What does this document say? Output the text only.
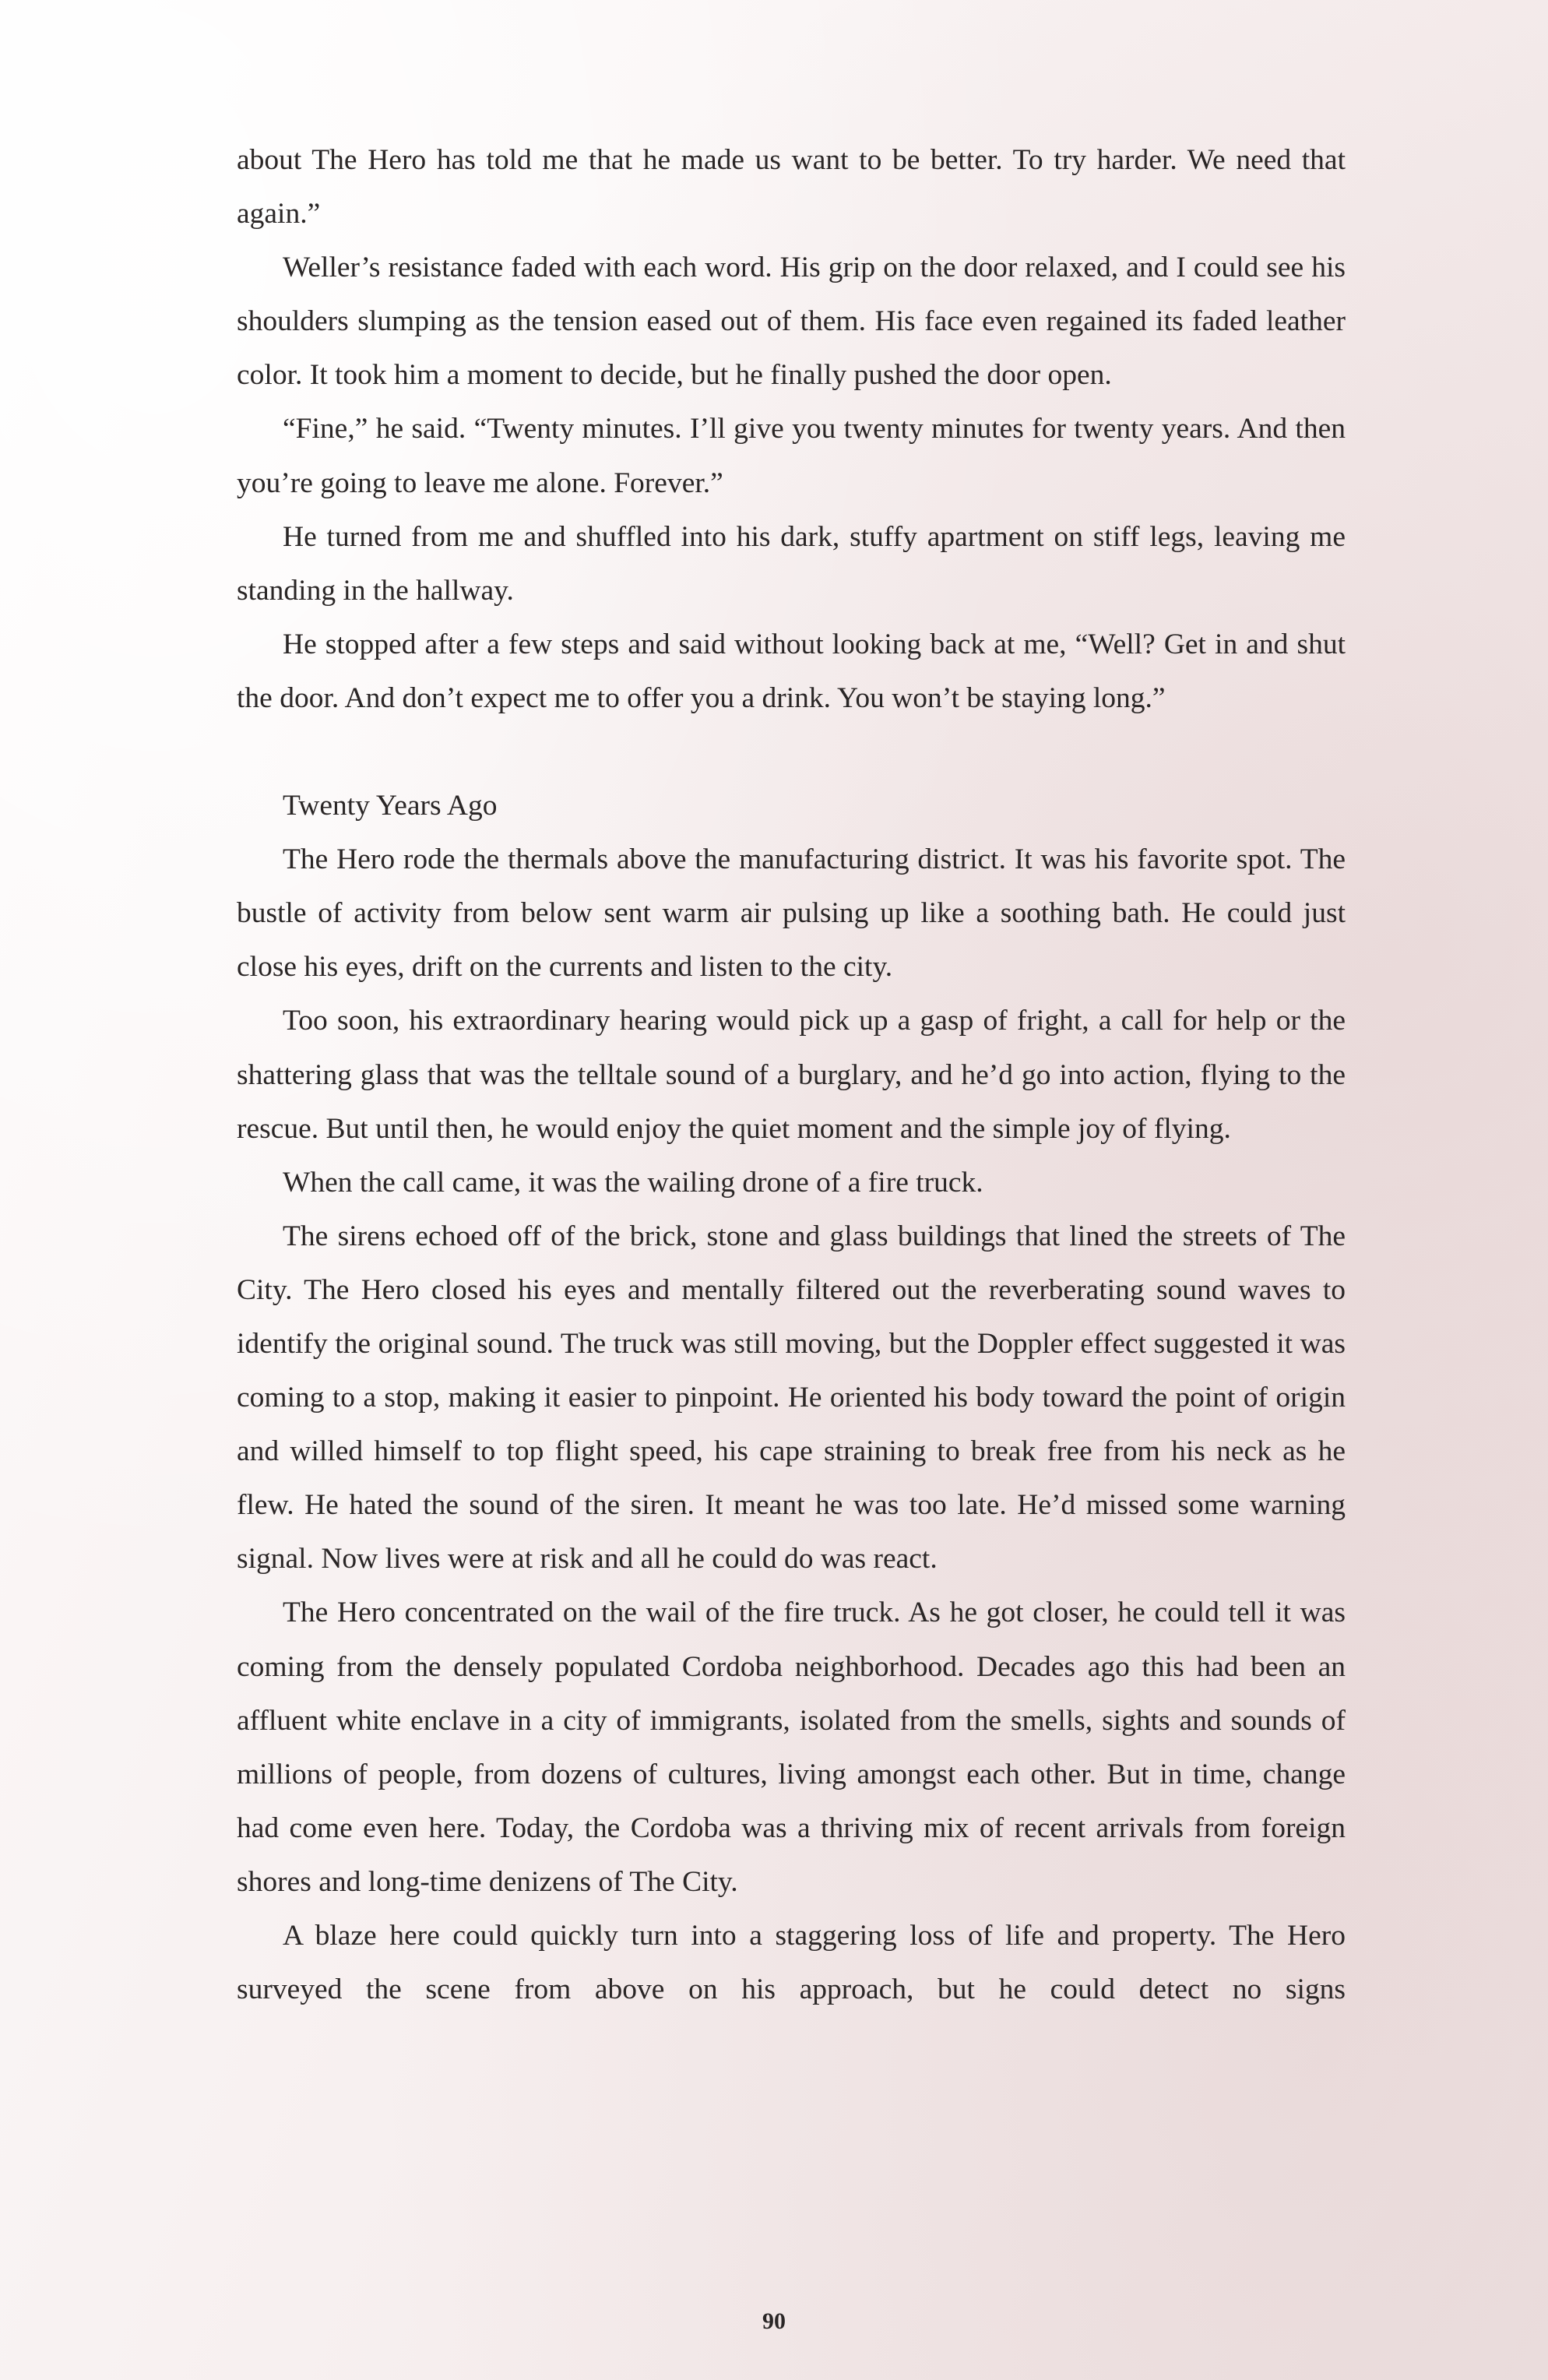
about The Hero has told me that he made us want to be better. To try harder. We need that again.”

Weller’s resistance faded with each word. His grip on the door relaxed, and I could see his shoulders slumping as the tension eased out of them. His face even regained its faded leather color. It took him a moment to decide, but he finally pushed the door open.

“Fine,” he said. “Twenty minutes. I’ll give you twenty minutes for twenty years. And then you’re going to leave me alone. Forever.”

He turned from me and shuffled into his dark, stuffy apartment on stiff legs, leaving me standing in the hallway.

He stopped after a few steps and said without looking back at me, “Well? Get in and shut the door. And don’t expect me to offer you a drink. You won’t be staying long.”

Twenty Years Ago

The Hero rode the thermals above the manufacturing district. It was his favorite spot. The bustle of activity from below sent warm air pulsing up like a soothing bath. He could just close his eyes, drift on the currents and listen to the city.

Too soon, his extraordinary hearing would pick up a gasp of fright, a call for help or the shattering glass that was the telltale sound of a burglary, and he’d go into action, flying to the rescue. But until then, he would enjoy the quiet moment and the simple joy of flying.

When the call came, it was the wailing drone of a fire truck.

The sirens echoed off of the brick, stone and glass buildings that lined the streets of The City. The Hero closed his eyes and mentally filtered out the reverberating sound waves to identify the original sound. The truck was still moving, but the Doppler effect suggested it was coming to a stop, making it easier to pinpoint. He oriented his body toward the point of origin and willed himself to top flight speed, his cape straining to break free from his neck as he flew. He hated the sound of the siren. It meant he was too late. He’d missed some warning signal. Now lives were at risk and all he could do was react.

The Hero concentrated on the wail of the fire truck. As he got closer, he could tell it was coming from the densely populated Cordoba neighborhood. Decades ago this had been an affluent white enclave in a city of immigrants, isolated from the smells, sights and sounds of millions of people, from dozens of cultures, living amongst each other. But in time, change had come even here. Today, the Cordoba was a thriving mix of recent arrivals from foreign shores and long-time denizens of The City.

A blaze here could quickly turn into a staggering loss of life and property. The Hero surveyed the scene from above on his approach, but he could detect no signs

90
